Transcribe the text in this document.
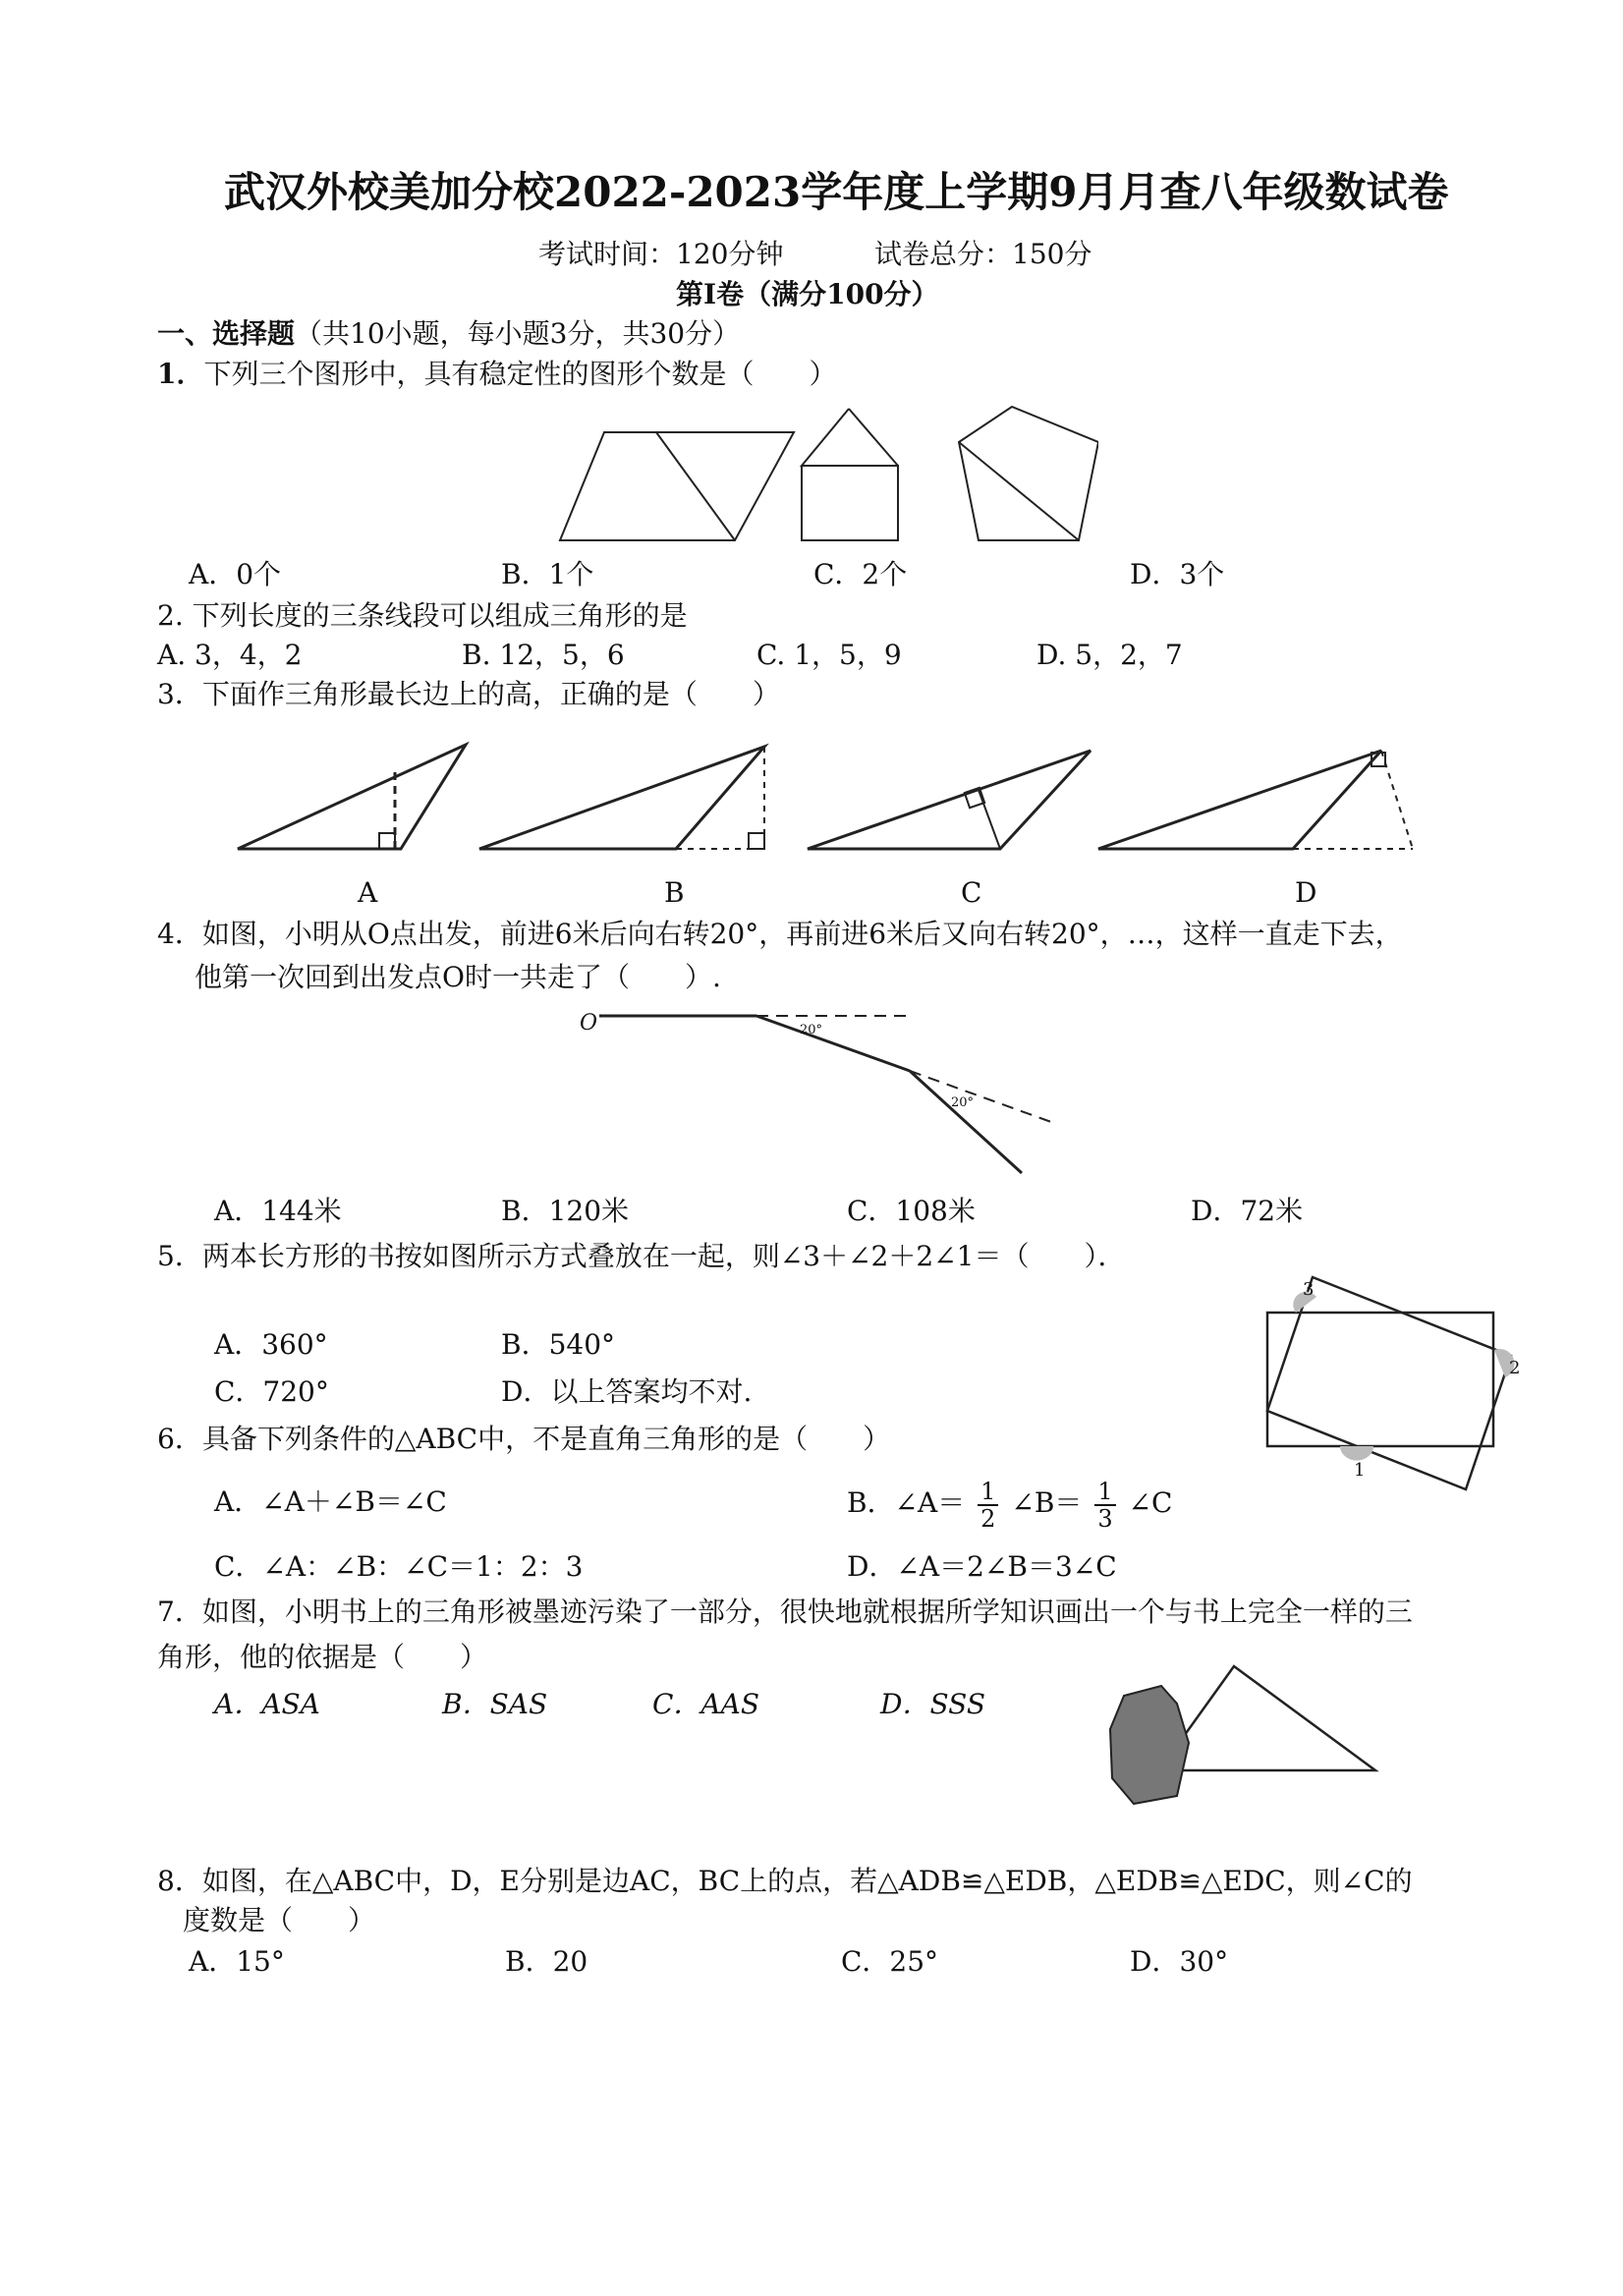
武汉外校美加分校2022-2023学年度上学期9月月查八年级数试卷
考试时间：120分钟	试卷总分：150分
第I卷（满分100分）
一、选择题（共10小题，每小题3分，共30分）
1．下列三个图形中，具有稳定性的图形个数是（　　）
A．0个	B．1个	C．2个	D．3个
2. 下列长度的三条线段可以组成三角形的是
A. 3，4，2	B. 12，5，6	C. 1，5，9	D. 5，2，7
3．下面作三角形最长边上的高，正确的是（　　）
A	B	C	D
4．如图，小明从O点出发，前进6米后向右转20°，再前进6米后又向右转20°，…，这样一直走下去，
他第一次回到出发点O时一共走了（　　）.
O	20°
20°
A．144米	B．120米	C．108米	D．72米
5．两本长方形的书按如图所示方式叠放在一起，则∠3＋∠2＋2∠1＝（　　）．
A．360°	B．540°
C．720°	D．以上答案均不对.
3
2
1
6．具备下列条件的△ABC中，不是直角三角形的是（　　）
A．∠A＋∠B＝∠C	B．∠A＝ $\frac{1}{2}$ ∠B＝ $\frac{1}{3}$ ∠C
C．∠A：∠B：∠C＝1：2：3	D．∠A＝2∠B＝3∠C
7．如图，小明书上的三角形被墨迹污染了一部分，很快地就根据所学知识画出一个与书上完全一样的三
角形，他的依据是（　　）
A．ASA	B．SAS	C．AAS	D．SSS
8．如图，在△ABC中，D，E分别是边AC，BC上的点，若△ADB≌△EDB，△EDB≌△EDC，则∠C的
度数是（　　）
A．15°	B．20	C．25°	D．30°
